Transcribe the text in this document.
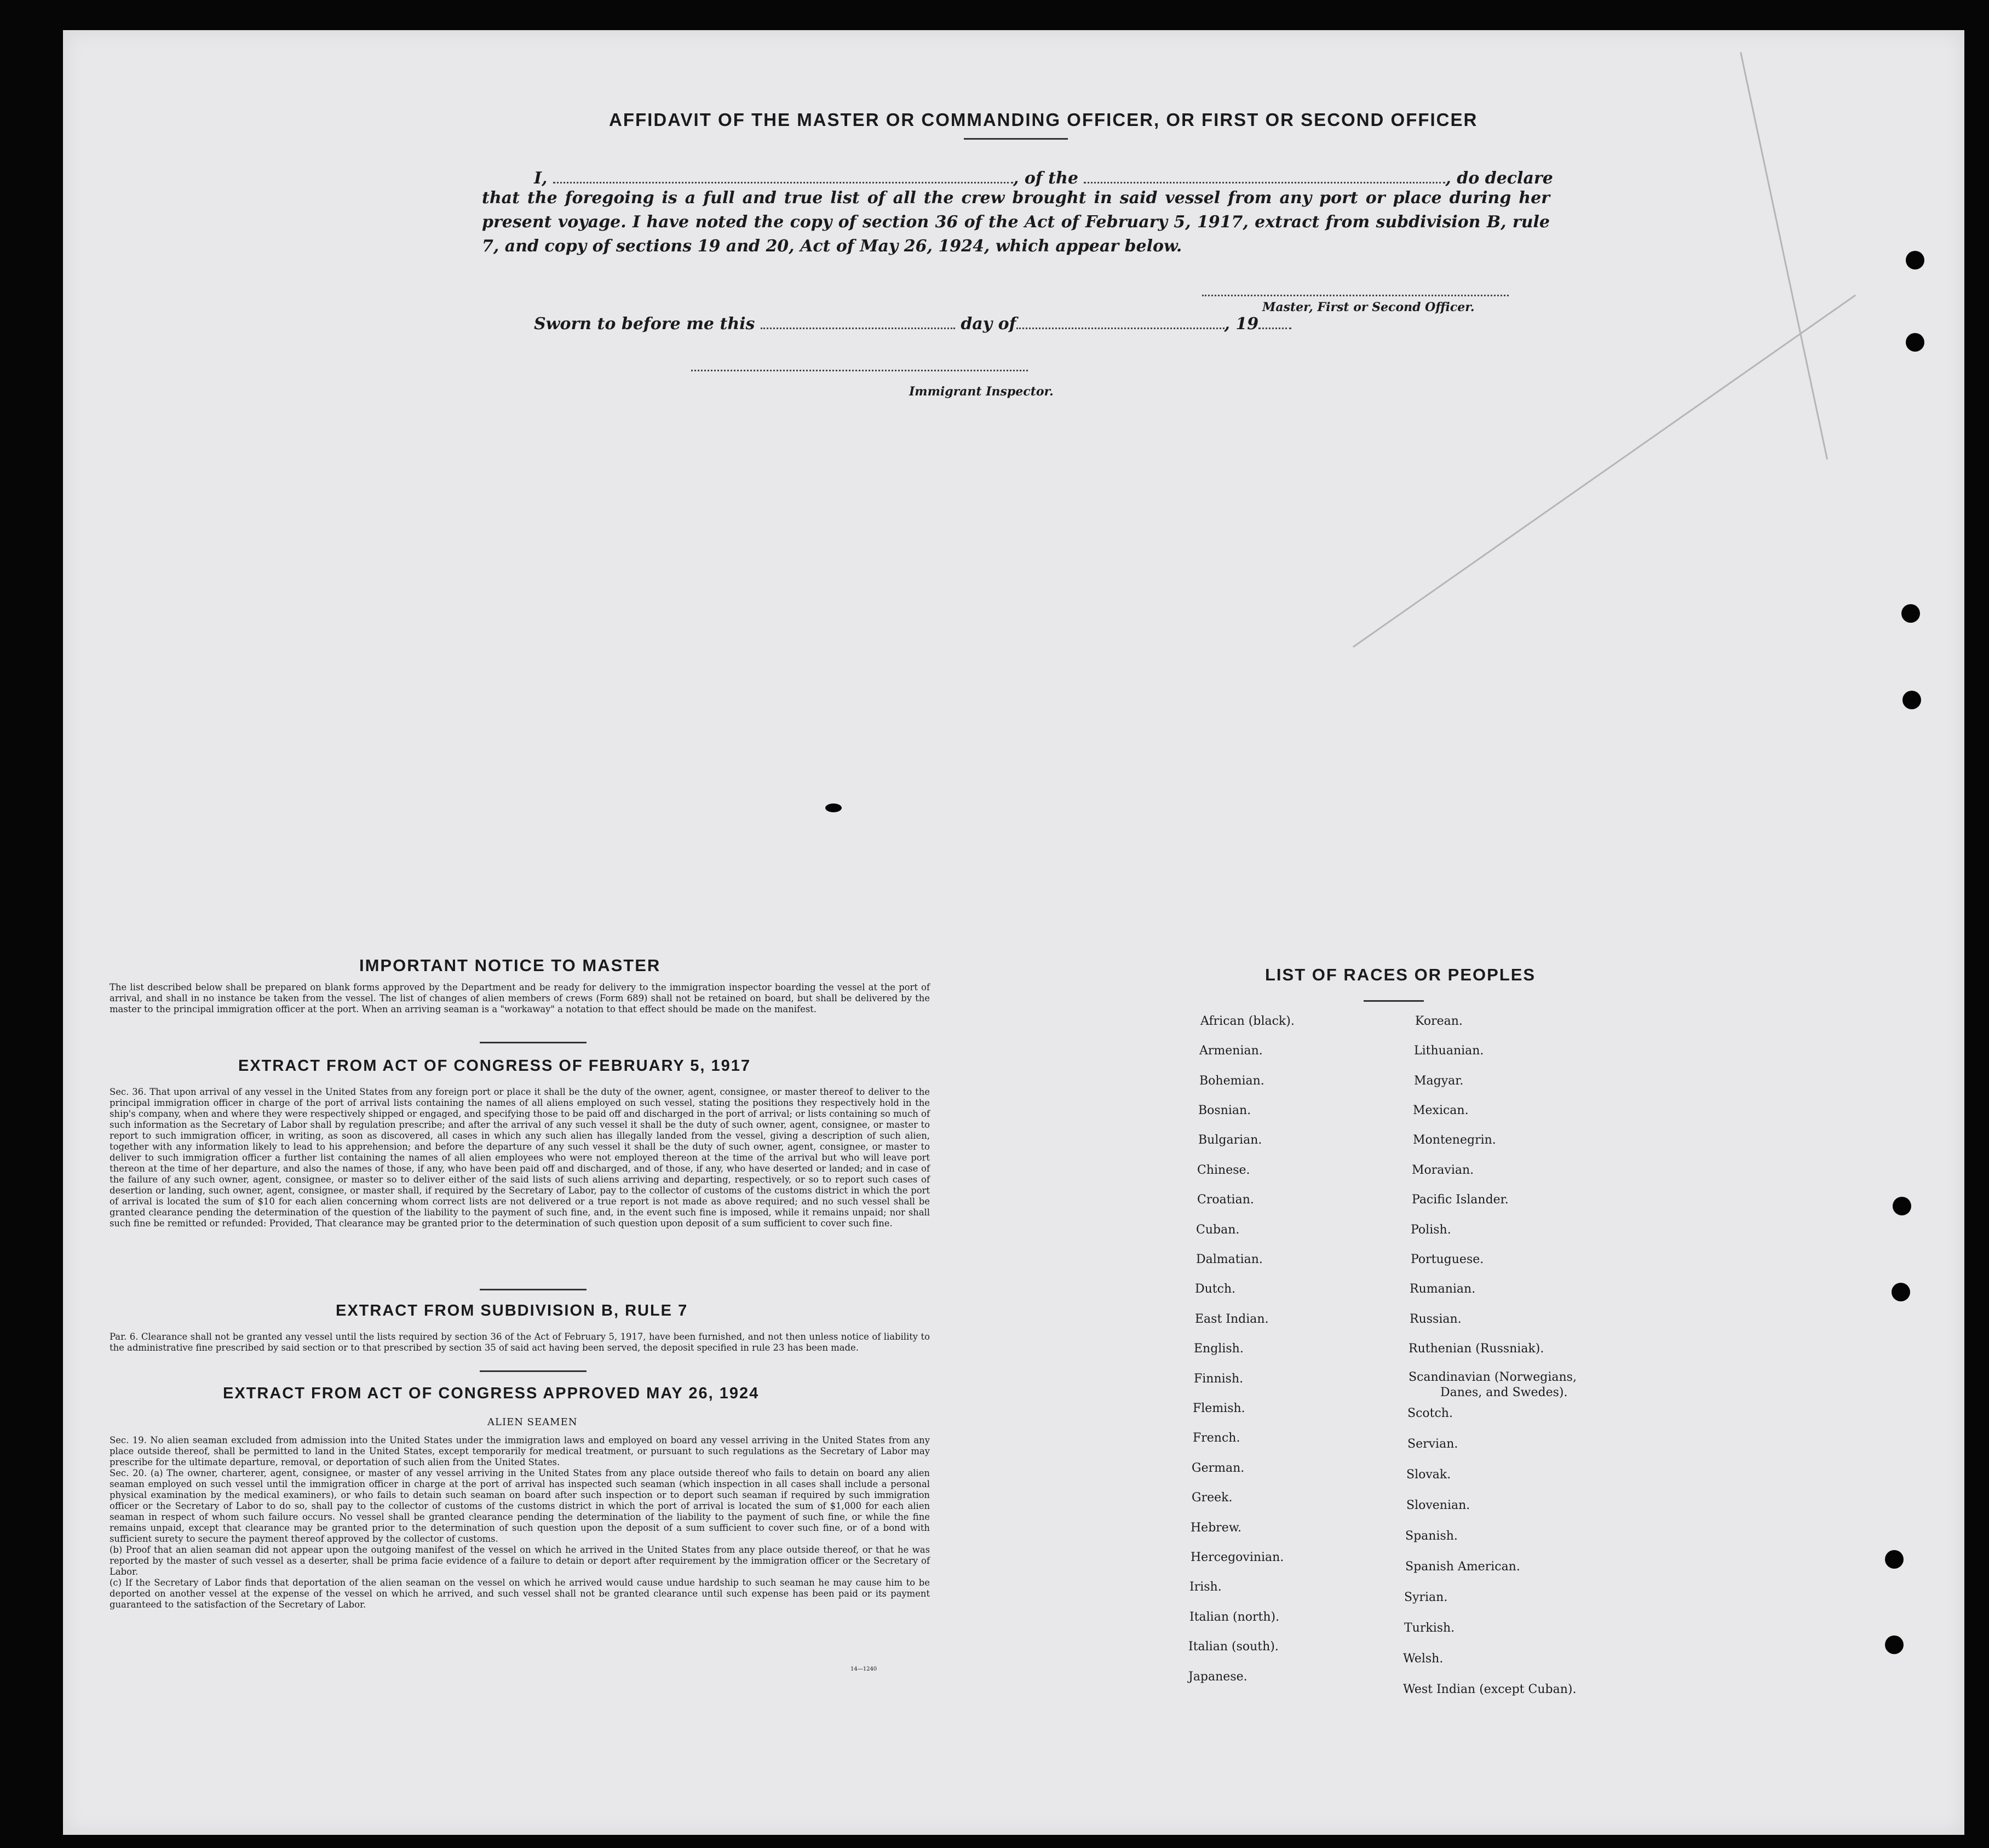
AFFIDAVIT OF THE MASTER OR COMMANDING OFFICER, OR FIRST OR SECOND OFFICER
I,	, of the	, do declare
that the foregoing is a full and true list of all the crew brought in said vessel from any port or place during her present voyage. I have noted the copy of section 36 of the Act of February 5, 1917, extract from subdivision B, rule 7, and copy of sections 19 and 20, Act of May 26, 1924, which appear below.
Master, First or Second Officer.
Sworn to before me this	day of	, 19
Immigrant Inspector.
IMPORTANT NOTICE TO MASTER
The list described below shall be prepared on blank forms approved by the Department and be ready for delivery to the immigration inspector boarding the vessel at the port of arrival, and shall in no instance be taken from the vessel. The list of changes of alien members of crews (Form 689) shall not be retained on board, but shall be delivered by the master to the principal immigration officer at the port. When an arriving seaman is a "workaway" a notation to that effect should be made on the manifest.
EXTRACT FROM ACT OF CONGRESS OF FEBRUARY 5, 1917
Sec. 36. That upon arrival of any vessel in the United States from any foreign port or place it shall be the duty of the owner, agent, consignee, or master thereof to deliver to the principal immigration officer in charge of the port of arrival lists containing the names of all aliens employed on such vessel, stating the positions they respectively hold in the ship's company, when and where they were respectively shipped or engaged, and specifying those to be paid off and discharged in the port of arrival; or lists containing so much of such information as the Secretary of Labor shall by regulation prescribe; and after the arrival of any such vessel it shall be the duty of such owner, agent, consignee, or master to report to such immigration officer, in writing, as soon as discovered, all cases in which any such alien has illegally landed from the vessel, giving a description of such alien, together with any information likely to lead to his apprehension; and before the departure of any such vessel it shall be the duty of such owner, agent, consignee, or master to deliver to such immigration officer a further list containing the names of all alien employees who were not employed thereon at the time of the arrival but who will leave port thereon at the time of her departure, and also the names of those, if any, who have been paid off and discharged, and of those, if any, who have deserted or landed; and in case of the failure of any such owner, agent, consignee, or master so to deliver either of the said lists of such aliens arriving and departing, respectively, or so to report such cases of desertion or landing, such owner, agent, consignee, or master shall, if required by the Secretary of Labor, pay to the collector of customs of the customs district in which the port of arrival is located the sum of $10 for each alien concerning whom correct lists are not delivered or a true report is not made as above required; and no such vessel shall be granted clearance pending the determination of the question of the liability to the payment of such fine, and, in the event such fine is imposed, while it remains unpaid; nor shall such fine be remitted or refunded: Provided, That clearance may be granted prior to the determination of such question upon deposit of a sum sufficient to cover such fine.
EXTRACT FROM SUBDIVISION B, RULE 7
Par. 6. Clearance shall not be granted any vessel until the lists required by section 36 of the Act of February 5, 1917, have been furnished, and not then unless notice of liability to the administrative fine prescribed by said section or to that prescribed by section 35 of said act having been served, the deposit specified in rule 23 has been made.
EXTRACT FROM ACT OF CONGRESS APPROVED MAY 26, 1924
ALIEN SEAMEN

Sec. 19. No alien seaman excluded from admission into the United States under the immigration laws and employed on board any vessel arriving in the United States from any place outside thereof, shall be permitted to land in the United States, except temporarily for medical treatment, or pursuant to such regulations as the Secretary of Labor may prescribe for the ultimate departure, removal, or deportation of such alien from the United States.

Sec. 20. (a) The owner, charterer, agent, consignee, or master of any vessel arriving in the United States from any place outside thereof who fails to detain on board any alien seaman employed on such vessel until the immigration officer in charge at the port of arrival has inspected such seaman (which inspection in all cases shall include a personal physical examination by the medical examiners), or who fails to detain such seaman on board after such inspection or to deport such seaman if required by such immigration officer or the Secretary of Labor to do so, shall pay to the collector of customs of the customs district in which the port of arrival is located the sum of $1,000 for each alien seaman in respect of whom such failure occurs. No vessel shall be granted clearance pending the determination of the liability to the payment of such fine, or while the fine remains unpaid, except that clearance may be granted prior to the determination of such question upon the deposit of a sum sufficient to cover such fine, or of a bond with sufficient surety to secure the payment thereof approved by the collector of customs.

(b) Proof that an alien seaman did not appear upon the outgoing manifest of the vessel on which he arrived in the United States from any place outside thereof, or that he was reported by the master of such vessel as a deserter, shall be prima facie evidence of a failure to detain or deport after requirement by the immigration officer or the Secretary of Labor.

(c) If the Secretary of Labor finds that deportation of the alien seaman on the vessel on which he arrived would cause undue hardship to such seaman he may cause him to be deported on another vessel at the expense of the vessel on which he arrived, and such vessel shall not be granted clearance until such expense has been paid or its payment guaranteed to the satisfaction of the Secretary of Labor.

14—1240
LIST OF RACES OR PEOPLES
African (black).
Armenian.
Bohemian.
Bosnian.
Bulgarian.
Chinese.
Croatian.
Cuban.
Dalmatian.
Dutch.
East Indian.
English.
Finnish.
Flemish.
French.
German.
Greek.
Hebrew.
Hercegovinian.
Irish.
Italian (north).
Italian (south).
Japanese.
Korean.
Lithuanian.
Magyar.
Mexican.
Montenegrin.
Moravian.
Pacific Islander.
Polish.
Portuguese.
Rumanian.
Russian.
Ruthenian (Russniak).
Scandinavian (Norwegians,
Danes, and Swedes).
Scotch.
Servian.
Slovak.
Slovenian.
Spanish.
Spanish American.
Syrian.
Turkish.
Welsh.
West Indian (except Cuban).
